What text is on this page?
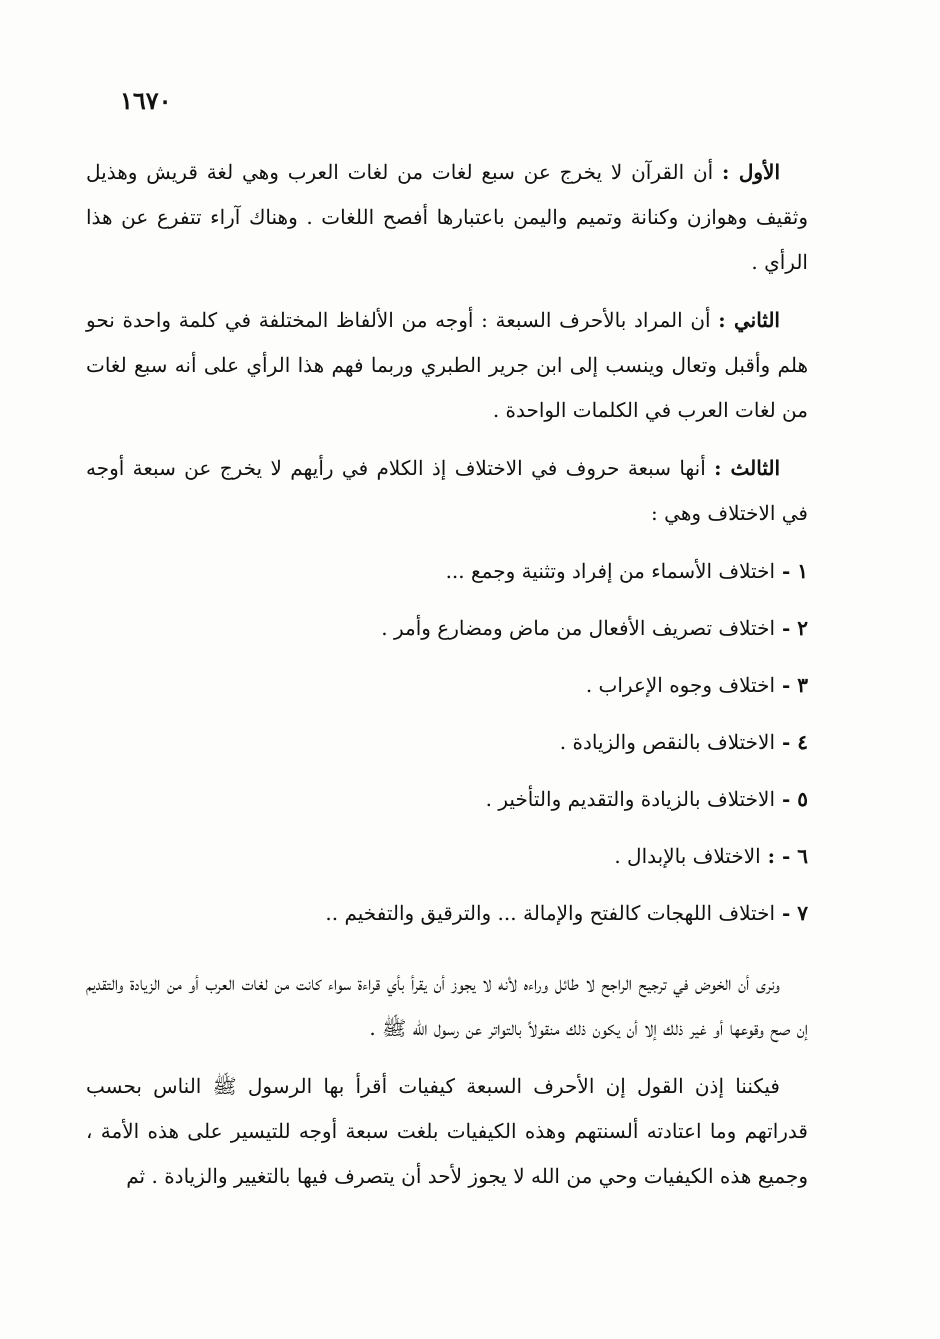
١٦٧٠

الأول : أن القرآن لا يخرج عن سبع لغات من لغات العرب وهي لغة قريش وهذيل وثقيف وهوازن وكنانة وتميم واليمن باعتبارها أفصح اللغات . وهناك آراء تتفرع عن هذا الرأي .

الثاني : أن المراد بالأحرف السبعة : أوجه من الألفاظ المختلفة في كلمة واحدة نحو هلم وأقبل وتعال وينسب إلى ابن جرير الطبري وربما فهم هذا الرأي على أنه سبع لغات من لغات العرب في الكلمات الواحدة .

الثالث : أنها سبعة حروف في الاختلاف إذ الكلام في رأيهم لا يخرج عن سبعة أوجه في الاختلاف وهي :

١ - اختلاف الأسماء من إفراد وتثنية وجمع ...
٢ - اختلاف تصريف الأفعال من ماض ومضارع وأمر .
٣ - اختلاف وجوه الإعراب .
٤ - الاختلاف بالنقص والزيادة .
٥ - الاختلاف بالزيادة والتقديم والتأخير .
٦ - : الاختلاف بالإبدال .
٧ - اختلاف اللهجات كالفتح والإمالة ... والترقيق والتفخيم ..

ونرى أن الخوض في ترجيح الراجح لا طائل وراءه لأنه لا يجوز أن يقرأ بأي قراءة سواء كانت من لغات العرب أو من الزيادة والتقديم إن صح وقوعها أو غير ذلك إلا أن يكون ذلك منقولاً بالتواتر عن رسول الله ﷺ .

فيكننا إذن القول إن الأحرف السبعة كيفيات أقرأ بها الرسول ﷺ الناس بحسب قدراتهم وما اعتادته ألسنتهم وهذه الكيفيات بلغت سبعة أوجه للتيسير على هذه الأمة ، وجميع هذه الكيفيات وحي من الله لا يجوز لأحد أن يتصرف فيها بالتغيير والزيادة . ثم
